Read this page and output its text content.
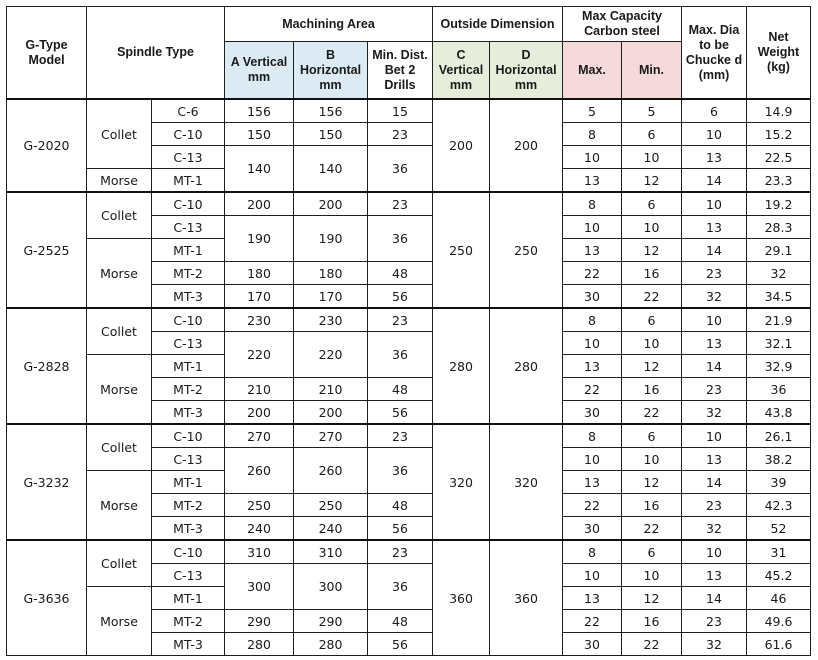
G-Type Model	Spindle Type		Machining Area			Outside Dimension		Max Capacity Carbon steel		Max. Dia to be Chucke d (mm)	Net Weight (kg)
			A Vertical mm	B Horizontal mm	Min. Dist. Bet 2 Drills	C Vertical mm	D Horizontal mm	Max.	Min.		
G-2020	Collet	C-6	156	156	15	200	200	5	5	6	14.9
		C-10	150	150	23			8	6	10	15.2
		C-13	140	140	36			10	10	13	22.5
	Morse	MT-1						13	12	14	23.3
G-2525	Collet	C-10	200	200	23	250	250	8	6	10	19.2
		C-13	190	190	36			10	10	13	28.3
	Morse	MT-1						13	12	14	29.1
		MT-2	180	180	48			22	16	23	32
		MT-3	170	170	56			30	22	32	34.5
G-2828	Collet	C-10	230	230	23	280	280	8	6	10	21.9
		C-13	220	220	36			10	10	13	32.1
	Morse	MT-1						13	12	14	32.9
		MT-2	210	210	48			22	16	23	36
		MT-3	200	200	56			30	22	32	43.8
G-3232	Collet	C-10	270	270	23	320	320	8	6	10	26.1
		C-13	260	260	36			10	10	13	38.2
	Morse	MT-1						13	12	14	39
		MT-2	250	250	48			22	16	23	42.3
		MT-3	240	240	56			30	22	32	52
G-3636	Collet	C-10	310	310	23	360	360	8	6	10	31
		C-13	300	300	36			10	10	13	45.2
	Morse	MT-1						13	12	14	46
		MT-2	290	290	48			22	16	23	49.6
		MT-3	280	280	56			30	22	32	61.6
